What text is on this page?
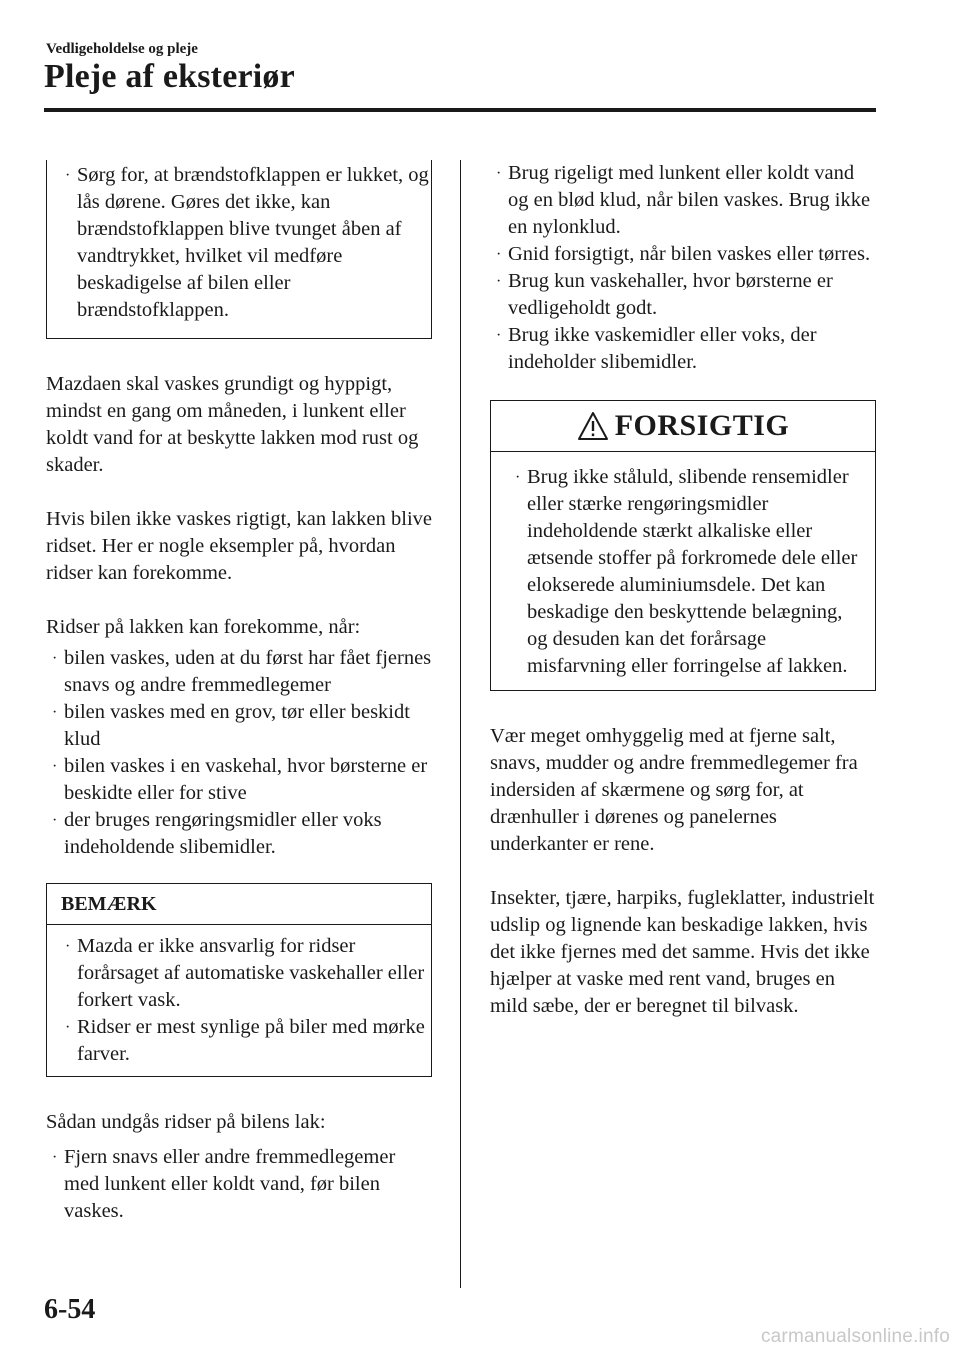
Vedligeholdelse og pleje
Pleje af eksteriør
· Sørg for, at brændstofklappen er lukket, og lås dørene. Gøres det ikke, kan brændstofklappen blive tvunget åben af vandtrykket, hvilket vil medføre beskadigelse af bilen eller brændstofklappen.

Mazdaen skal vaskes grundigt og hyppigt, mindst en gang om måneden, i lunkent eller koldt vand for at beskytte lakken mod rust og skader.

Hvis bilen ikke vaskes rigtigt, kan lakken blive ridset. Her er nogle eksempler på, hvordan ridser kan forekomme.

Ridser på lakken kan forekomme, når:

· bilen vaskes, uden at du først har fået fjernes snavs og andre fremmedlegemer
· bilen vaskes med en grov, tør eller beskidt klud
· bilen vaskes i en vaskehal, hvor børsterne er beskidte eller for stive
· der bruges rengøringsmidler eller voks indeholdende slibemidler.
BEMÆRK
· Mazda er ikke ansvarlig for ridser forårsaget af automatiske vaskehaller eller forkert vask.
· Ridser er mest synlige på biler med mørke farver.

Sådan undgås ridser på bilens lak:

· Fjern snavs eller andre fremmedlegemer med lunkent eller koldt vand, før bilen vaskes.
· Brug rigeligt med lunkent eller koldt vand og en blød klud, når bilen vaskes. Brug ikke en nylonklud.
· Gnid forsigtigt, når bilen vaskes eller tørres.
· Brug kun vaskehaller, hvor børsterne er vedligeholdt godt.
· Brug ikke vaskemidler eller voks, der indeholder slibemidler.
FORSIGTIG
· Brug ikke ståluld, slibende rensemidler eller stærke rengøringsmidler indeholdende stærkt alkaliske eller ætsende stoffer på forkromede dele eller elokserede aluminiumsdele. Det kan beskadige den beskyttende belægning, og desuden kan det forårsage misfarvning eller forringelse af lakken.

Vær meget omhyggelig med at fjerne salt, snavs, mudder og andre fremmedlegemer fra indersiden af skærmene og sørg for, at drænhuller i dørenes og panelernes underkanter er rene.

Insekter, tjære, harpiks, fugleklatter, industrielt udslip og lignende kan beskadige lakken, hvis det ikke fjernes med det samme. Hvis det ikke hjælper at vaske med rent vand, bruges en mild sæbe, der er beregnet til bilvask.

6-54
carmanualsonline.info
